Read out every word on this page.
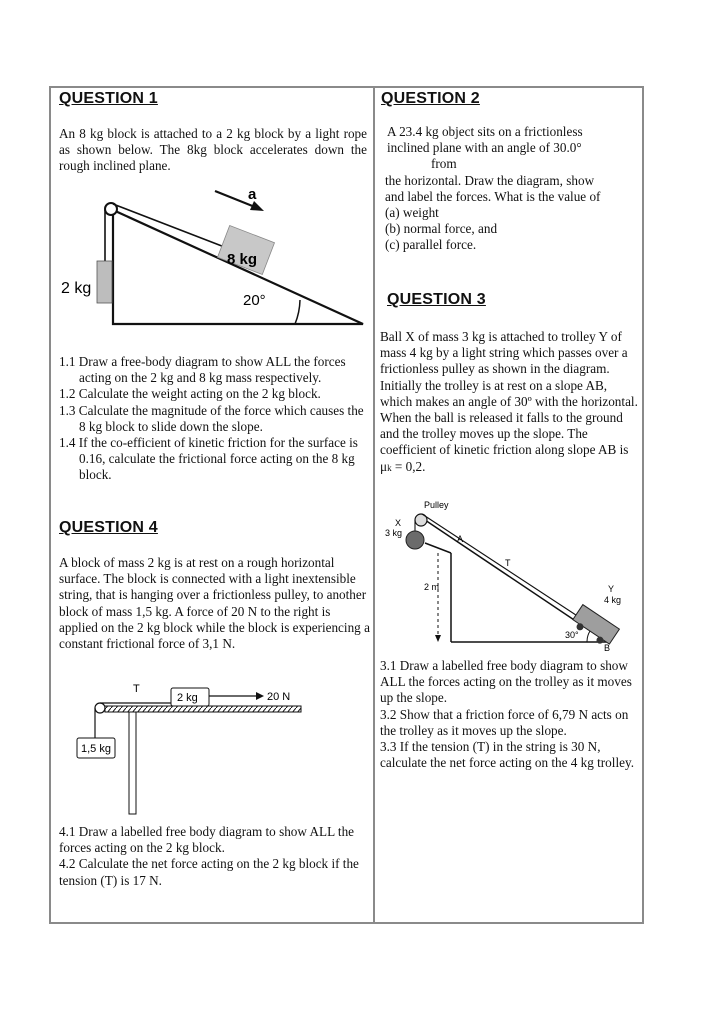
QUESTION 1
An 8 kg block is attached to a 2 kg block by a light rope as shown below. The 8kg block accelerates down the rough inclined plane.
8 kg
a
2 kg
20°

1.1 Draw a free-body diagram to show ALL the forces acting on the 2 kg and 8 kg mass respectively.

1.2 Calculate the weight acting on the 2 kg block.

1.3 Calculate the magnitude of the force which causes the 8 kg block to slide down the slope.

1.4 If the co-efficient of kinetic friction for the surface is 0.16, calculate the frictional force acting on the 8 kg block.

QUESTION 4
A block of mass 2 kg is at rest on a rough horizontal surface. The block is connected with a light inextensible string, that is hanging over a frictionless pulley, to another block of mass 1,5 kg. A force of 20 N to the right is applied on the 2 kg block while the block is experiencing a constant frictional force of 3,1 N.
2 kg
1,5 kg
T
20 N

4.1 Draw a labelled free body diagram to show ALL the forces acting on the 2 kg block.

4.2 Calculate the net force acting on the 2 kg block if the tension (T) is 17 N.

QUESTION 2
A 23.4 kg object sits on a frictionless
inclined plane with an angle of 30.0°
from
the horizontal. Draw the diagram, show
and label the forces. What is the value of
(a) weight
(b) normal force, and
(c) parallel force.
QUESTION 3
Ball X of mass 3 kg is attached to trolley Y of mass 4 kg by a light string which passes over a frictionless pulley as shown in the diagram. Initially the trolley is at rest on a slope AB, which makes an angle of 30º with the horizontal. When the ball is released it falls to the ground and the trolley moves up the slope. The coefficient of kinetic friction along slope AB is μk = 0,2.
Pulley
X
3 kg
A
T
2 m	Y
4 kg
30°
B

3.1 Draw a labelled free body diagram to show ALL the forces acting on the trolley as it moves up the slope.

3.2 Show that a friction force of 6,79 N acts on the trolley as it moves up the slope.

3.3 If the tension (T) in the string is 30 N, calculate the net force acting on the 4 kg trolley.
